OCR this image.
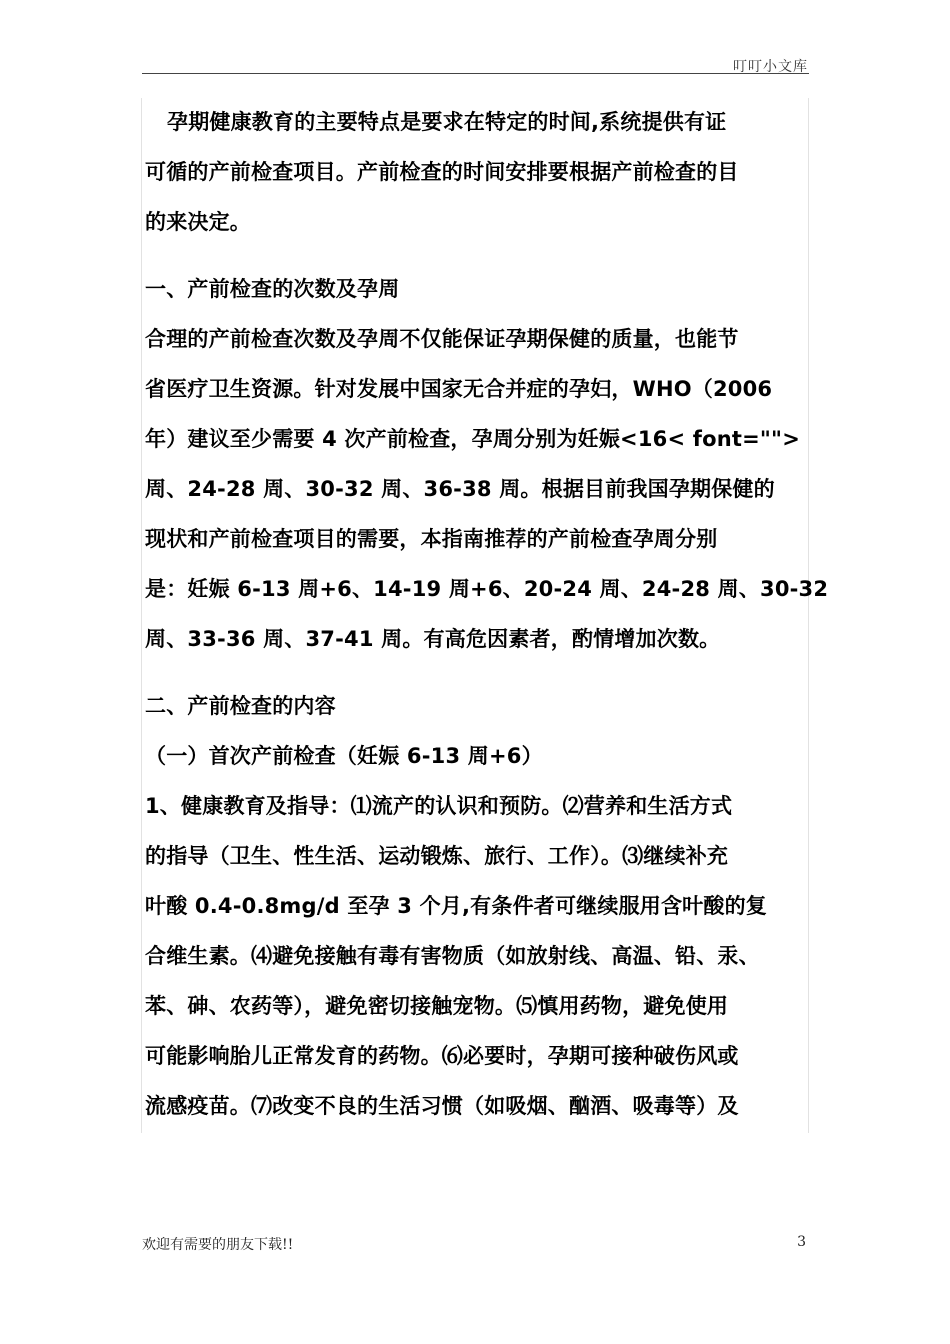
叮叮小文库
孕期健康教育的主要特点是要求在特定的时间,系统提供有证
可循的产前检查项目。产前检查的时间安排要根据产前检查的目
的来决定。
一、产前检查的次数及孕周
合理的产前检查次数及孕周不仅能保证孕期保健的质量，也能节
省医疗卫生资源。针对发展中国家无合并症的孕妇，WHO（2006
年）建议至少需要 4 次产前检查，孕周分别为妊娠<16< font="">
周、24-28 周、30-32 周、36-38 周。根据目前我国孕期保健的
现状和产前检查项目的需要，本指南推荐的产前检查孕周分别
是：妊娠 6-13 周+6、14-19 周+6、20-24 周、24-28 周、30-32
周、33-36 周、37-41 周。有高危因素者，酌情增加次数。
二、产前检查的内容
（一）首次产前检查（妊娠 6-13 周+6）
1、健康教育及指导：⑴流产的认识和预防。⑵营养和生活方式
的指导（卫生、性生活、运动锻炼、旅行、工作）。⑶继续补充
叶酸 0.4-0.8mg/d 至孕 3 个月,有条件者可继续服用含叶酸的复
合维生素。⑷避免接触有毒有害物质（如放射线、高温、铅、汞、
苯、砷、农药等），避免密切接触宠物。⑸慎用药物，避免使用
可能影响胎儿正常发育的药物。⑹必要时，孕期可接种破伤风或
流感疫苗。⑺改变不良的生活习惯（如吸烟、酗酒、吸毒等）及
欢迎有需要的朋友下载!!	3
